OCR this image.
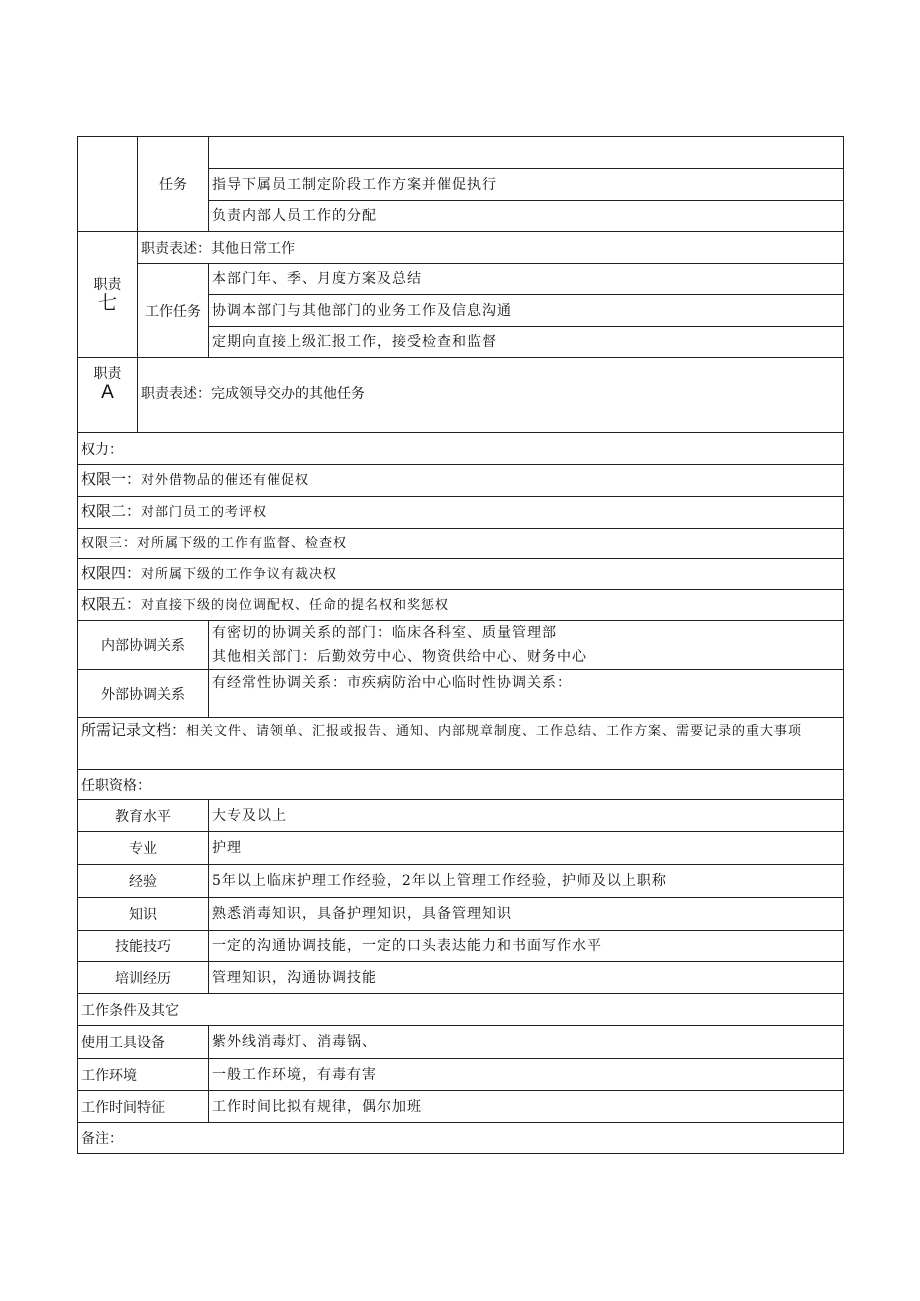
	任务	
		指导下属员工制定阶段工作方案并催促执行
		负责内部人员工作的分配

职责
七	职责表述：其他日常工作	
	工作任务	本部门年、季、月度方案及总结
		协调本部门与其他部门的业务工作及信息沟通
		定期向直接上级汇报工作，接受检查和监督

职责
A	职责表述：完成领导交办的其他任务	
权力：		
权限一：对外借物品的催还有催促权		
权限二：对部门员工的考评权		
权限三：对所属下级的工作有监督、检查权		
权限四：对所属下级的工作争议有裁决权		
权限五：对直接下级的岗位调配权、任命的提名权和奖惩权		
内部协调关系		有密切的协调关系的部门：临床各科室、质量管理部
其他相关部门：后勤效劳中心、物资供给中心、财务中心

外部协调关系		有经常性协调关系：市疾病防治中心临时性协调关系：
所需记录文档：相关文件、请领单、汇报或报告、通知、内部规章制度、工作总结、工作方案、需要记录的重大事项		
任职资格：		
教育水平		大专及以上
专业		护理
经验		5年以上临床护理工作经验，2年以上管理工作经验，护师及以上职称
知识		熟悉消毒知识，具备护理知识，具备管理知识
技能技巧		一定的沟通协调技能，一定的口头表达能力和书面写作水平
培训经历		管理知识，沟通协调技能
工作条件及其它		
使用工具设备		紫外线消毒灯、消毒锅、
工作环境		一般工作环境，有毒有害
工作时间特征		工作时间比拟有规律，偶尔加班
备注：		
